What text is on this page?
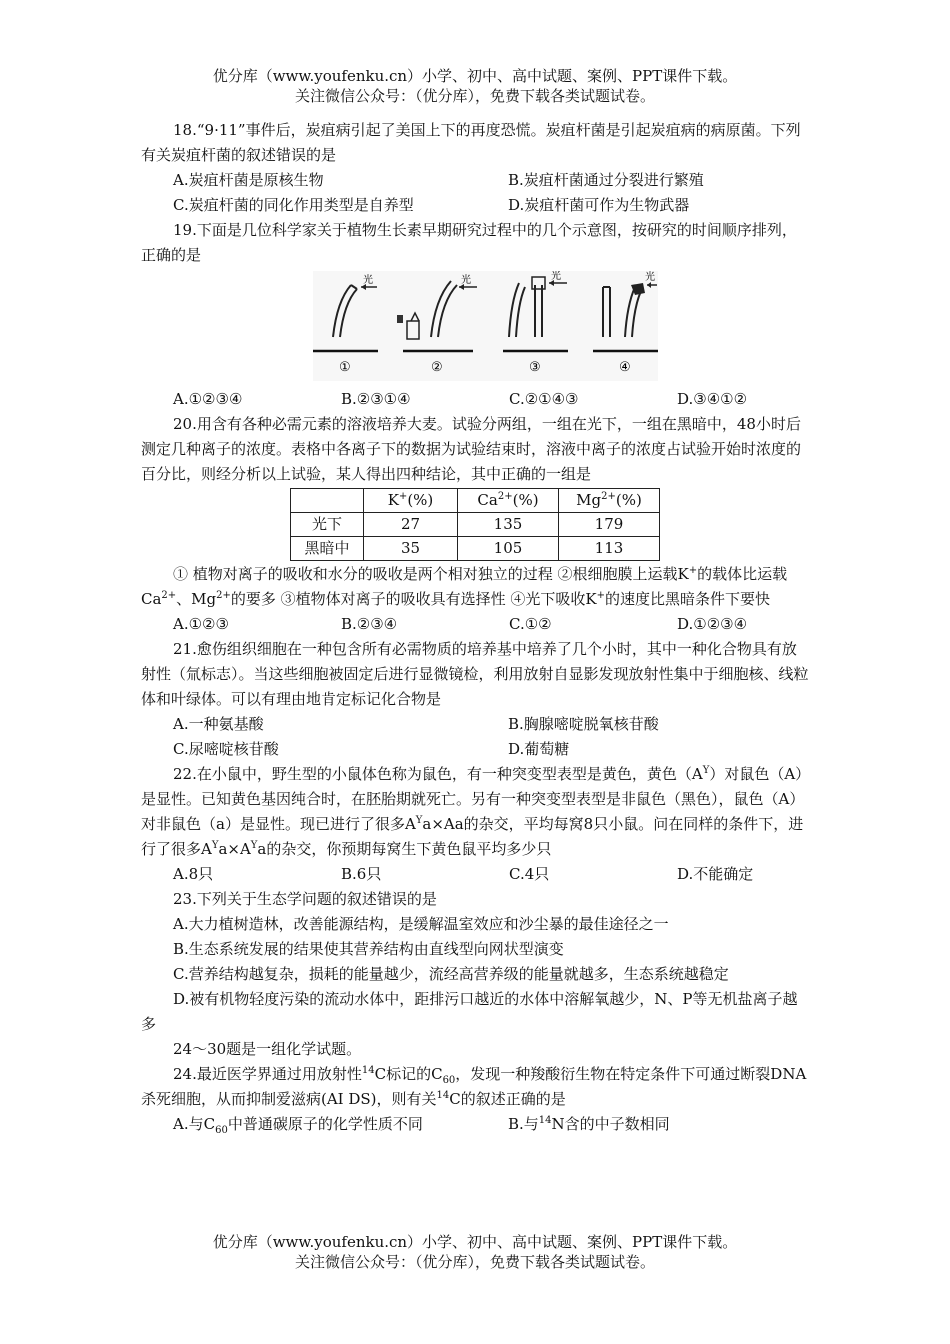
优分库（www.youfenku.cn）小学、初中、高中试题、案例、PPT课件下载。
关注微信公众号：（优分库），免费下载各类试题试卷。

18.“9·11”事件后，炭疽病引起了美国上下的再度恐慌。炭疽杆菌是引起炭疽病的病原菌。下列有关炭疽杆菌的叙述错误的是

A.炭疽杆菌是原核生物	B.炭疽杆菌通过分裂进行繁殖
C.炭疽杆菌的同化作用类型是自养型	D.炭疽杆菌可作为生物武器

19.下面是几位科学家关于植物生长素早期研究过程中的几个示意图，按研究的时间顺序排列，正确的是

光	光	光	光
①	②	③	④
A.①②③④	B.②③①④	C.②①④③	D.③④①②

20.用含有各种必需元素的溶液培养大麦。试验分两组，一组在光下，一组在黑暗中，48小时后测定几种离子的浓度。表格中各离子下的数据为试验结束时，溶液中离子的浓度占试验开始时浓度的百分比，则经分析以上试验，某人得出四种结论，其中正确的一组是

	K+(%)	$Ca^{2+}(\%)$	$Mg^{2+}(\%)$
光下	27	135	179
黑暗中	35	105	113

① 植物对离子的吸收和水分的吸收是两个相对独立的过程 ②根细胞膜上运载K+的载体比运载$Ca^{2+}$、$Mg^{2+}$的要多 ③植物体对离子的吸收具有选择性 ④光下吸收K+的速度比黑暗条件下要快

A.①②③	B.②③④	C.①②	D.①②③④

21.愈伤组织细胞在一种包含所有必需物质的培养基中培养了几个小时，其中一种化合物具有放射性（氚标志）。当这些细胞被固定后进行显微镜检，利用放射自显影发现放射性集中于细胞核、线粒体和叶绿体。可以有理由地肯定标记化合物是

A.一种氨基酸	B.胸腺嘧啶脱氧核苷酸
C.尿嘧啶核苷酸	D.葡萄糖

22.在小鼠中，野生型的小鼠体色称为鼠色，有一种突变型表型是黄色，黄色$(A^Y)$对鼠色（A）是显性。已知黄色基因纯合时，在胚胎期就死亡。另有一种突变型表型是非鼠色（黑色），鼠色（A）对非鼠色（a）是显性。现已进行了很多$A^Ya\times Aa$的杂交，平均每窝8只小鼠。问在同样的条件下，进行了很多$A^Ya\times A^Ya$的杂交，你预期每窝生下黄色鼠平均多少只

A.8只	B.6只	C.4只	D.不能确定

23.下列关于生态学问题的叙述错误的是

A.大力植树造林，改善能源结构，是缓解温室效应和沙尘暴的最佳途径之一

B.生态系统发展的结果使其营养结构由直线型向网状型演变

C.营养结构越复杂，损耗的能量越少，流经高营养级的能量就越多，生态系统越稳定

D.被有机物轻度污染的流动水体中，距排污口越近的水体中溶解氧越少，N、P等无机盐离子越多

24～30题是一组化学试题。

24.最近医学界通过用放射性$^{14}$C标记的$C_{60}$，发现一种羧酸衍生物在特定条件下可通过断裂DNA杀死细胞，从而抑制爱滋病(AI DS)，则有关$^{14}$C的叙述正确的是

A.与$C_{60}$中普通碳原子的化学性质不同	B.与$^{14}$N含的中子数相同
优分库（www.youfenku.cn）小学、初中、高中试题、案例、PPT课件下载。
关注微信公众号：（优分库），免费下载各类试题试卷。
